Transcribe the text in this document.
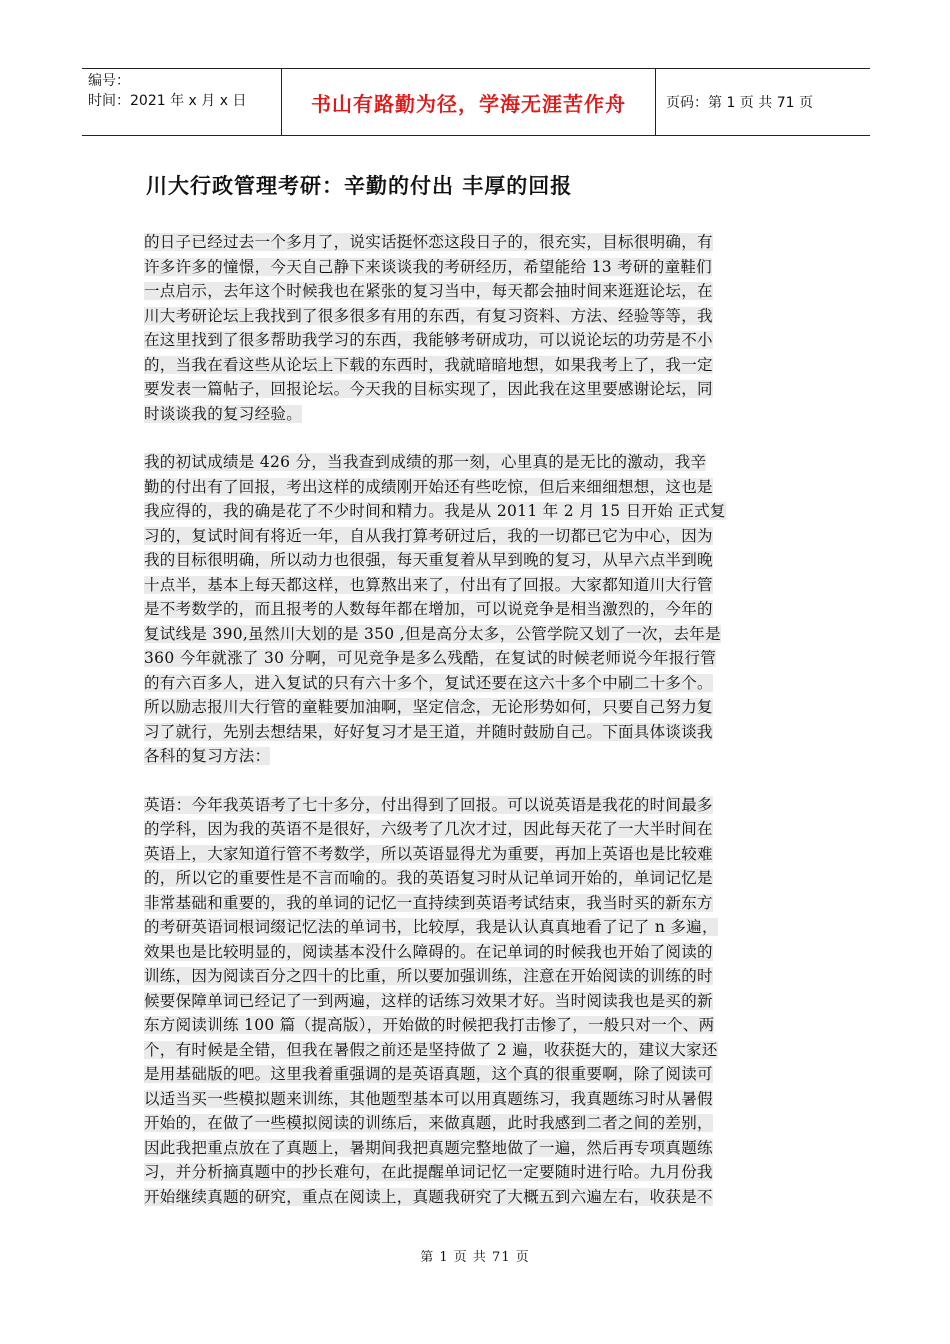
编号：
时间：2021 年 x 月 x 日	书山有路勤为径，学海无涯苦作舟	页码：第 1 页 共 71 页
川大行政管理考研：辛勤的付出 丰厚的回报
的日子已经过去一个多月了，说实话挺怀恋这段日子的，很充实，目标很明确，有
许多许多的憧憬，今天自己静下来谈谈我的考研经历，希望能给 13 考研的童鞋们
一点启示，去年这个时候我也在紧张的复习当中，每天都会抽时间来逛逛论坛，在
川大考研论坛上我找到了很多很多有用的东西，有复习资料、方法、经验等等，我
在这里找到了很多帮助我学习的东西，我能够考研成功，可以说论坛的功劳是不小
的，当我在看这些从论坛上下载的东西时，我就暗暗地想，如果我考上了，我一定
要发表一篇帖子，回报论坛。今天我的目标实现了，因此我在这里要感谢论坛，同
时谈谈我的复习经验。
我的初试成绩是 426 分，当我查到成绩的那一刻，心里真的是无比的激动，我辛
勤的付出有了回报，考出这样的成绩刚开始还有些吃惊，但后来细细想想，这也是
我应得的，我的确是花了不少时间和精力。我是从 2011 年 2 月 15 日开始 正式复
习的，复试时间有将近一年，自从我打算考研过后，我的一切都已它为中心，因为
我的目标很明确，所以动力也很强，每天重复着从早到晚的复习，从早六点半到晚
十点半，基本上每天都这样，也算熬出来了，付出有了回报。大家都知道川大行管
是不考数学的，而且报考的人数每年都在增加，可以说竞争是相当激烈的，今年的
复试线是 390,虽然川大划的是 350 ,但是高分太多，公管学院又划了一次，去年是
360 今年就涨了 30 分啊，可见竞争是多么残酷，在复试的时候老师说今年报行管
的有六百多人，进入复试的只有六十多个，复试还要在这六十多个中刷二十多个。
所以励志报川大行管的童鞋要加油啊，坚定信念，无论形势如何，只要自己努力复
习了就行，先别去想结果，好好复习才是王道，并随时鼓励自己。下面具体谈谈我
各科的复习方法：
英语：今年我英语考了七十多分，付出得到了回报。可以说英语是我花的时间最多
的学科，因为我的英语不是很好，六级考了几次才过，因此每天花了一大半时间在
英语上，大家知道行管不考数学，所以英语显得尤为重要，再加上英语也是比较难
的，所以它的重要性是不言而喻的。我的英语复习时从记单词开始的，单词记忆是
非常基础和重要的，我的单词的记忆一直持续到英语考试结束，我当时买的新东方
的考研英语词根词缀记忆法的单词书，比较厚，我是认认真真地看了记了 n 多遍，
效果也是比较明显的，阅读基本没什么障碍的。在记单词的时候我也开始了阅读的
训练，因为阅读百分之四十的比重，所以要加强训练，注意在开始阅读的训练的时
候要保障单词已经记了一到两遍，这样的话练习效果才好。当时阅读我也是买的新
东方阅读训练 100 篇（提高版），开始做的时候把我打击惨了，一般只对一个、两
个，有时候是全错，但我在暑假之前还是坚持做了 2 遍，收获挺大的，建议大家还
是用基础版的吧。这里我着重强调的是英语真题，这个真的很重要啊，除了阅读可
以适当买一些模拟题来训练，其他题型基本可以用真题练习，我真题练习时从暑假
开始的，在做了一些模拟阅读的训练后，来做真题，此时我感到二者之间的差别，
因此我把重点放在了真题上，暑期间我把真题完整地做了一遍，然后再专项真题练
习，并分析摘真题中的抄长难句，在此提醒单词记忆一定要随时进行哈。九月份我
开始继续真题的研究，重点在阅读上，真题我研究了大概五到六遍左右，收获是不
第 1 页 共 71 页
